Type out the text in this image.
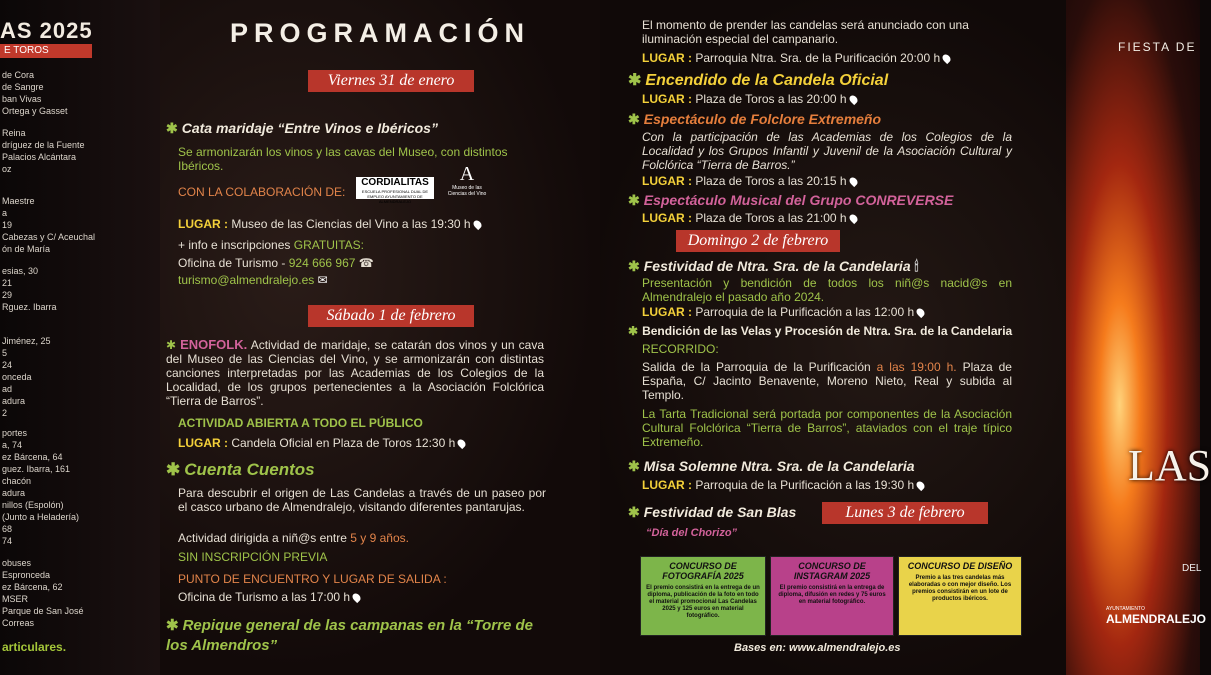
AS 2025
E TOROS
de Cora
de Sangre
ban Vivas
Ortega y Gasset
Reina
dríguez de la Fuente
Palacios Alcántara
oz
Maestre
a
19
Cabezas y C/ Aceuchal
ón de María
esias, 30
21
29
Rguez. Ibarra
Jiménez, 25
5
24
onceda
ad
adura
2
portes
a, 74
ez Bárcena, 64
guez. Ibarra, 161
chacón
adura
nillos (Espolón)
(Junto a Heladería)
68
74
obuses
Espronceda
ez Bárcena, 62
MSER
Parque de San José
Correas
articulares.
PROGRAMACIÓN
Viernes 31 de enero
✱ Cata maridaje “Entre Vinos e Ibéricos”
Se armonizarán los vinos y las cavas del Museo, con distintos Ibéricos.
CON LA COLABORACIÓN DE:
CORDIALITAS
ESCUELA PROFESIONAL DUAL DE EMPLEO AYUNTAMIENTO DE ALMENDRALEJO
A
Museo de las Ciencias del Vino
LUGAR : Museo de las Ciencias del Vino a las 19:30 h
+ info e inscripciones GRATUITAS:
Oficina de Turismo - 924 666 967 ☎
turismo@almendralejo.es ✉
Sábado 1 de febrero
✱ ENOFOLK. Actividad de maridaje, se catarán dos vinos y un cava del Museo de las Ciencias del Vino, y se armonizarán con distintas canciones interpretadas por las Academias de los Colegios de la Localidad, de los grupos pertenecientes a la Asociación Folclórica “Tierra de Barros”.
ACTIVIDAD ABIERTA A TODO EL PÚBLICO
LUGAR : Candela Oficial en Plaza de Toros 12:30 h
✱ Cuenta Cuentos
Para descubrir el origen de Las Candelas a través de un paseo por el casco urbano de Almendralejo, visitando diferentes pantarujas.
Actividad dirigida a niñ@s entre 5 y 9 años.
SIN INSCRIPCIÓN PREVIA
PUNTO DE ENCUENTRO Y LUGAR DE SALIDA :
Oficina de Turismo a las 17:00 h
✱ Repique general de las campanas en la “Torre de los Almendros”
El momento de prender las candelas será anunciado con una iluminación especial del campanario.
LUGAR : Parroquia Ntra. Sra. de la Purificación 20:00 h
✱ Encendido de la Candela Oficial
LUGAR : Plaza de Toros a las 20:00 h
✱ Espectáculo de Folclore Extremeño
Con la participación de las Academias de los Colegios de la Localidad y los Grupos Infantil y Juvenil de la Asociación Cultural y Folclórica “Tierra de Barros.”
LUGAR : Plaza de Toros a las 20:15 h
✱ Espectáculo Musical del Grupo CONREVERSE
LUGAR : Plaza de Toros a las 21:00 h
Domingo 2 de febrero
✱ Festividad de Ntra. Sra. de la Candelaria 🕯
Presentación y bendición de todos los niñ@s nacid@s en Almendralejo el pasado año 2024.
LUGAR : Parroquia de la Purificación a las 12:00 h
✱ Bendición de las Velas y Procesión de Ntra. Sra. de la Candelaria
RECORRIDO:
Salida de la Parroquia de la Purificación a las 19:00 h. Plaza de España, C/ Jacinto Benavente, Moreno Nieto, Real y subida al Templo.
La Tarta Tradicional será portada por componentes de la Asociación Cultural Folclórica “Tierra de Barros”, ataviados con el traje típico Extremeño.
✱ Misa Solemne Ntra. Sra. de la Candelaria
LUGAR : Parroquia de la Purificación a las 19:30 h
✱ Festividad de San Blas	Lunes 3 de febrero
“Día del Chorizo”
CONCURSO DE FOTOGRAFÍA 2025
El premio consistirá en la entrega de un diploma, publicación de la foto en todo el material promocional Las Candelas 2025 y 125 euros en material fotográfico.
CONCURSO DE INSTAGRAM 2025
El premio consistirá en la entrega de diploma, difusión en redes y 75 euros en material fotográfico.
CONCURSO DE DISEÑO
Premio a las tres candelas más elaboradas o con mejor diseño. Los premios consistirán en un lote de productos ibéricos.
Bases en: www.almendralejo.es
FIESTA DE
LAS
DEL
AYUNTAMIENTO
ALMENDRALEJO
